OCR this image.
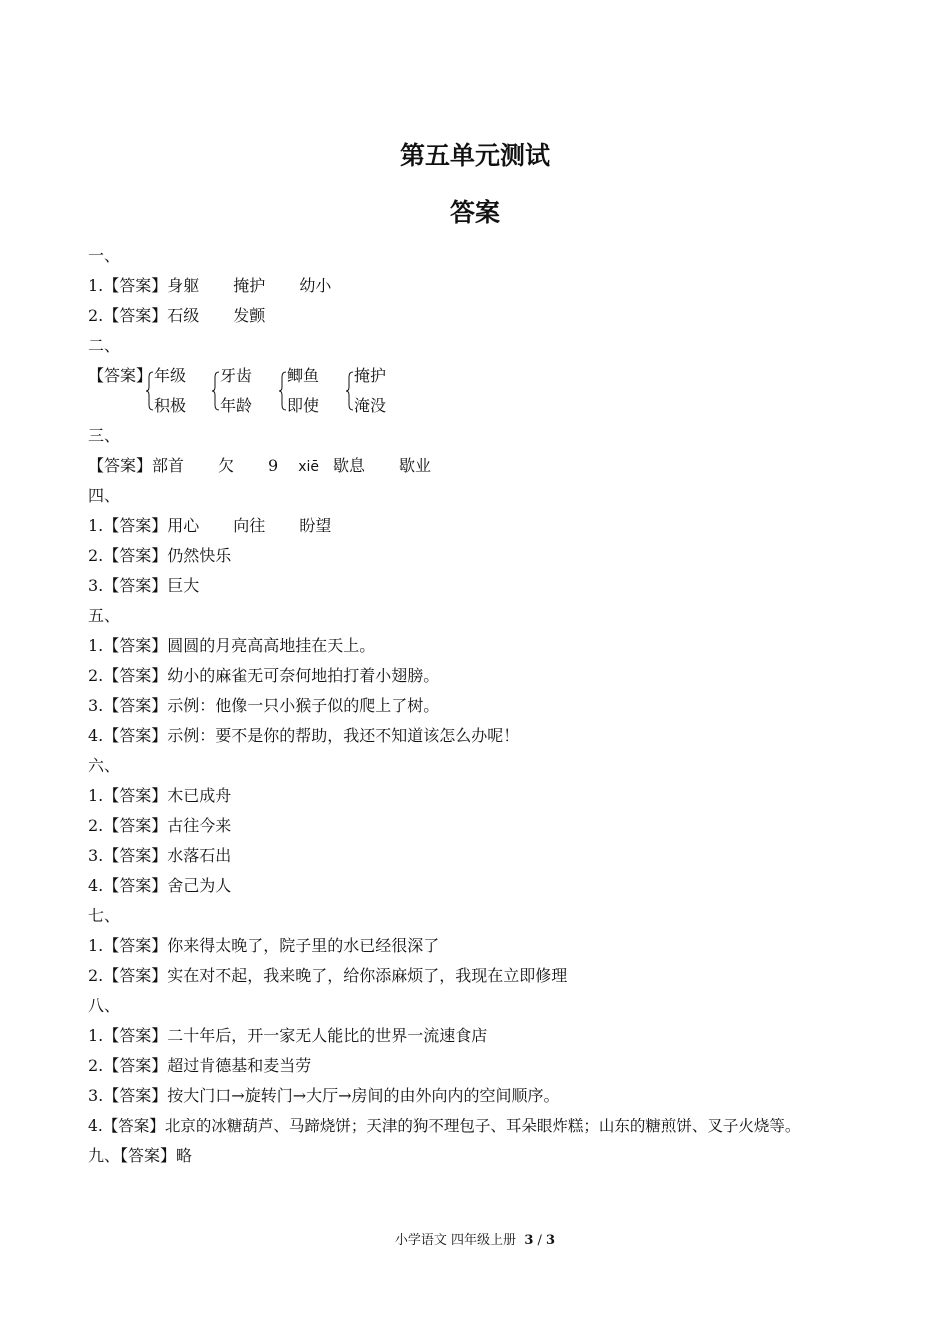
第五单元测试
答案
一、
1.【答案】身躯 掩护 幼小
2.【答案】石级 发颤
二、
【答案】 年级
积极
牙齿
年龄
鲫鱼
即使
掩护
淹没
三、
【答案】部首 欠 9 xiē 歇息 歇业
四、
1.【答案】用心 向往 盼望
2.【答案】仍然快乐
3.【答案】巨大
五、
1.【答案】圆圆的月亮高高地挂在天上。
2.【答案】幼小的麻雀无可奈何地拍打着小翅膀。
3.【答案】示例：他像一只小猴子似的爬上了树。
4.【答案】示例：要不是你的帮助，我还不知道该怎么办呢！
六、
1.【答案】木已成舟
2.【答案】古往今来
3.【答案】水落石出
4.【答案】舍己为人
七、
1.【答案】你来得太晚了，院子里的水已经很深了
2.【答案】实在对不起，我来晚了，给你添麻烦了，我现在立即修理
八、
1.【答案】二十年后，开一家无人能比的世界一流速食店
2.【答案】超过肯德基和麦当劳
3.【答案】按大门口→旋转门→大厅→房间的由外向内的空间顺序。
4.【答案】北京的冰糖葫芦、马蹄烧饼；天津的狗不理包子、耳朵眼炸糕；山东的糖煎饼、叉子火烧等。
九、【答案】略
小学语文 四年级上册 3 / 3
